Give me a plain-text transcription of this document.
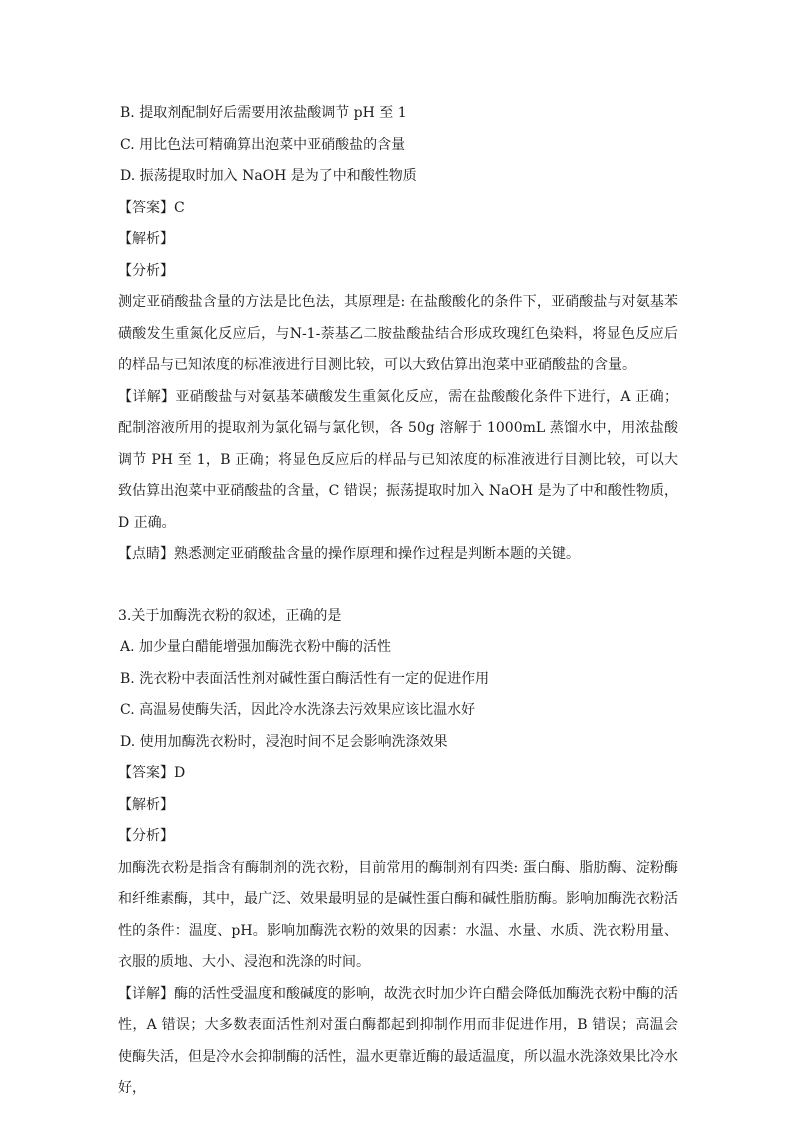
B. 提取剂配制好后需要用浓盐酸调节 pH 至 1
C. 用比色法可精确算出泡菜中亚硝酸盐的含量
D. 振荡提取时加入 NaOH 是为了中和酸性物质
【答案】C
【解析】
【分析】

测定亚硝酸盐含量的方法是比色法，其原理是: 在盐酸酸化的条件下，亚硝酸盐与对氨基苯磺酸发生重氮化反应后，与N-1-萘基乙二胺盐酸盐结合形成玫瑰红色染料，将显色反应后的样品与已知浓度的标准液进行目测比较，可以大致估算出泡菜中亚硝酸盐的含量。

【详解】亚硝酸盐与对氨基苯磺酸发生重氮化反应，需在盐酸酸化条件下进行，A 正确；配制溶液所用的提取剂为氯化镉与氯化钡，各 50g 溶解于 1000mL 蒸馏水中，用浓盐酸调节 PH 至 1，B 正确；将显色反应后的样品与已知浓度的标准液进行目测比较，可以大致估算出泡菜中亚硝酸盐的含量，C 错误；振荡提取时加入 NaOH 是为了中和酸性物质，D 正确。

【点睛】熟悉测定亚硝酸盐含量的操作原理和操作过程是判断本题的关键。
3.关于加酶洗衣粉的叙述，正确的是
A. 加少量白醋能增强加酶洗衣粉中酶的活性
B. 洗衣粉中表面活性剂对碱性蛋白酶活性有一定的促进作用
C. 高温易使酶失活，因此冷水洗涤去污效果应该比温水好
D. 使用加酶洗衣粉时，浸泡时间不足会影响洗涤效果
【答案】D
【解析】
【分析】

加酶洗衣粉是指含有酶制剂的洗衣粉，目前常用的酶制剂有四类: 蛋白酶、脂肪酶、淀粉酶和纤维素酶，其中，最广泛、效果最明显的是碱性蛋白酶和碱性脂肪酶。影响加酶洗衣粉活性的条件：温度、pH。影响加酶洗衣粉的效果的因素：水温、水量、水质、洗衣粉用量、衣服的质地、大小、浸泡和洗涤的时间。

【详解】酶的活性受温度和酸碱度的影响，故洗衣时加少许白醋会降低加酶洗衣粉中酶的活性，A 错误；大多数表面活性剂对蛋白酶都起到抑制作用而非促进作用，B 错误；高温会使酶失活，但是冷水会抑制酶的活性，温水更靠近酶的最适温度，所以温水洗涤效果比冷水好，
